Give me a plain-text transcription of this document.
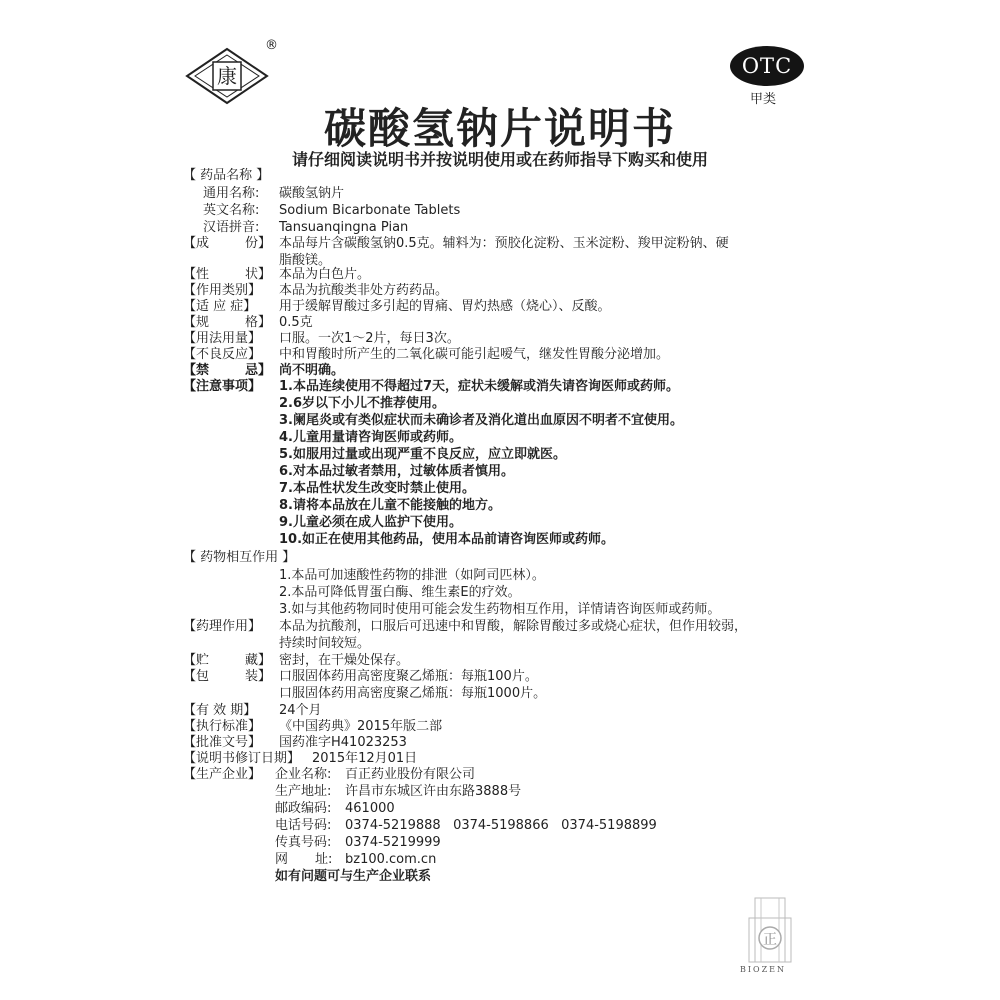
康
®
OTC
甲类
碳酸氢钠片说明书
请仔细阅读说明书并按说明使用或在药师指导下购买和使用
【 药品名称 】
通用名称: 碳酸氢钠片
英文名称: Sodium Bicarbonate Tablets
汉语拼音: Tansuanqingna Pian
【成	份】 本品每片含碳酸氢钠0.5克。辅料为：预胶化淀粉、玉米淀粉、羧甲淀粉钠、硬
脂酸镁。
【性	状】 本品为白色片。
【作用类别】	本品为抗酸类非处方药药品。
【适 应 症】	用于缓解胃酸过多引起的胃痛、胃灼热感（烧心）、反酸。
【规	格】 0.5克
【用法用量】	口服。一次1～2片，每日3次。
【不良反应】	中和胃酸时所产生的二氧化碳可能引起嗳气，继发性胃酸分泌增加。
【禁	忌】 尚不明确。
【注意事项】	1.本品连续使用不得超过7天，症状未缓解或消失请咨询医师或药师。
2.6岁以下小儿不推荐使用。
3.阑尾炎或有类似症状而未确诊者及消化道出血原因不明者不宜使用。
4.儿童用量请咨询医师或药师。
5.如服用过量或出现严重不良反应，应立即就医。
6.对本品过敏者禁用，过敏体质者慎用。
7.本品性状发生改变时禁止使用。
8.请将本品放在儿童不能接触的地方。
9.儿童必须在成人监护下使用。
10.如正在使用其他药品，使用本品前请咨询医师或药师。
【 药物相互作用 】
1.本品可加速酸性药物的排泄（如阿司匹林）。
2.本品可降低胃蛋白酶、维生素E的疗效。
3.如与其他药物同时使用可能会发生药物相互作用，详情请咨询医师或药师。
【药理作用】	本品为抗酸剂，口服后可迅速中和胃酸，解除胃酸过多或烧心症状，但作用较弱，
持续时间较短。
【贮	藏】 密封，在干燥处保存。
【包	装】 口服固体药用高密度聚乙烯瓶：每瓶100片。
口服固体药用高密度聚乙烯瓶：每瓶1000片。
【有 效 期】	24个月
【执行标准】	《中国药典》2015年版二部
【批准文号】	国药准字H41023253
【说明书修订日期】 2015年12月01日
【生产企业】	企业名称: 百正药业股份有限公司
生产地址: 许昌市东城区许由东路3888号
邮政编码: 461000
电话号码: 0374-5219888   0374-5198866   0374-5198899
传真号码: 0374-5219999
网 址: bz100.com.cn
如有问题可与生产企业联系
正
BIOZEN
